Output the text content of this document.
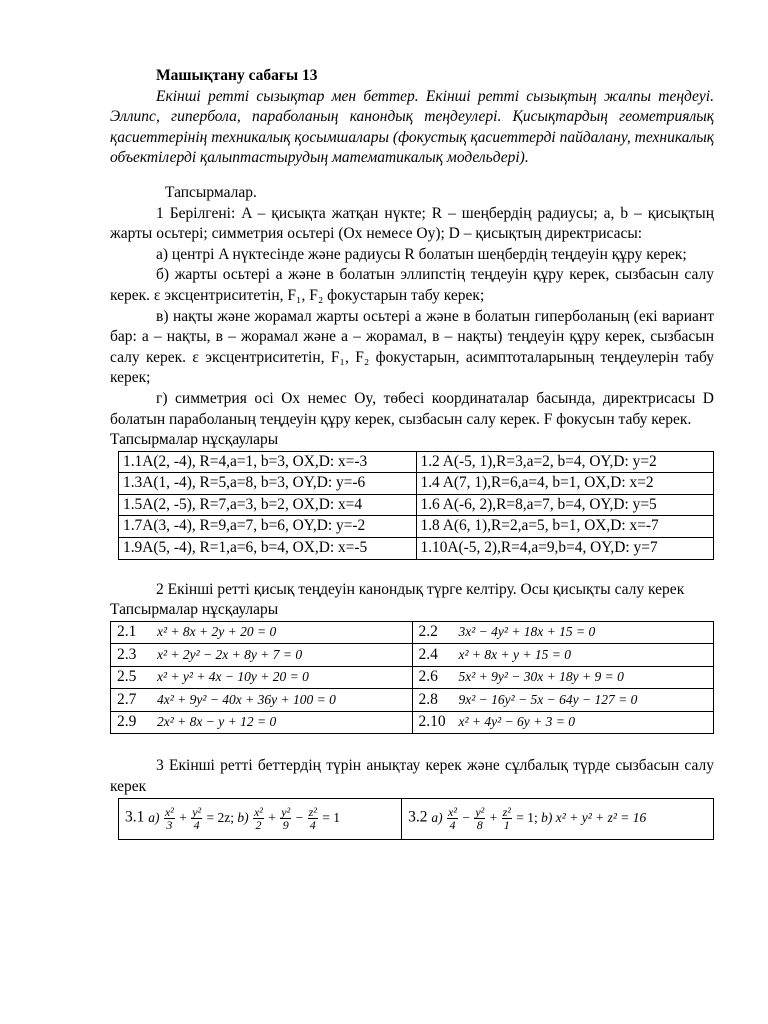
Машықтану сабағы 13
Екінші ретті сызықтар мен беттер. Екінші ретті сызықтың жалпы теңдеуі. Эллипс, гипербола, параболаның канондық теңдеулері. Қисықтардың геометриялық қасиеттерінің техникалық қосымшалары (фокустық қасиеттерді пайдалану, техникалық объектілерді қалыптастырудың математикалық модельдері).

Тапсырмалар.

1 Берілгені: A – қисықта жатқан нүкте; R – шеңбердің радиусы; a, b – қисықтың жарты осьтері; симметрия осьтері (Ox немесе Oy); D – қисықтың директрисасы:

а) центрі A нүктесінде және радиусы R болатын шеңбердің теңдеуін құру керек;

б) жарты осьтері a және в болатын эллипстің теңдеуін құру керек, сызбасын салу керек. ε эксцентриситетін, F₁, F₂ фокустарын табу керек;

в) нақты және жорамал жарты осьтері a және в болатын гиперболаның (екі вариант бар: a – нақты, в – жорамал және a – жорамал, в – нақты) теңдеуін құру керек, сызбасын салу керек. ε эксцентриситетін, F₁, F₂ фокустарын, асимптоталарының теңдеулерін табу керек;

г) симметрия осі Ox немес Oy, төбесі координаталар басында, директрисасы D болатын параболаның теңдеуін құру керек, сызбасын салу керек. F фокусын табу керек.

Тапсырмалар нұсқаулары

1.1A(2, -4), R=4,a=1, b=3, OX,D: x=-3	1.2 A(-5, 1),R=3,a=2, b=4, OY,D: y=2
1.3A(1, -4), R=5,a=8, b=3, OY,D: y=-6	1.4 A(7, 1),R=6,a=4, b=1, OX,D: x=2
1.5A(2, -5), R=7,a=3, b=2, OX,D: x=4	1.6 A(-6, 2),R=8,a=7, b=4, OY,D: y=5
1.7A(3, -4), R=9,a=7, b=6, OY,D: y=-2	1.8 A(6, 1),R=2,a=5, b=1, OX,D: x=-7
1.9A(5, -4), R=1,a=6, b=4, OX,D: x=-5	1.10A(-5, 2),R=4,a=9,b=4, OY,D: y=7

2 Екінші ретті қисық теңдеуін канондық түрге келтіру. Осы қисықты салу керек

Тапсырмалар нұсқаулары

2.1 x² + 8x + 2y + 20 = 0	2.2 3x² − 4y² + 18x + 15 = 0
2.3 x² + 2y² − 2x + 8y + 7 = 0	2.4 x² + 8x + y + 15 = 0
2.5 x² + y² + 4x − 10y + 20 = 0	2.6 5x² + 9y² − 30x + 18y + 9 = 0
2.7 4x² + 9y² − 40x + 36y + 100 = 0	2.8 9x² − 16y² − 5x − 64y − 127 = 0
2.9 2x² + 8x − y + 12 = 0	2.10 x² + 4y² − 6y + 3 = 0

3 Екінші ретті беттердің түрін анықтау керек және сұлбалық түрде сызбасын салу керек

3.1 $a) \frac{\text{x²}}{3} + \frac{\text{y²}}{4} = 2z$; $b) \frac{\text{x²}}{2} + \frac{\text{y²}}{9} - \frac{\text{z²}}{4} = 1$	3.2 $a) \frac{\text{x²}}{4} - \frac{\text{y²}}{8} + \frac{\text{z²}}{1} = 1$; b) x² + y² + z² = 16
